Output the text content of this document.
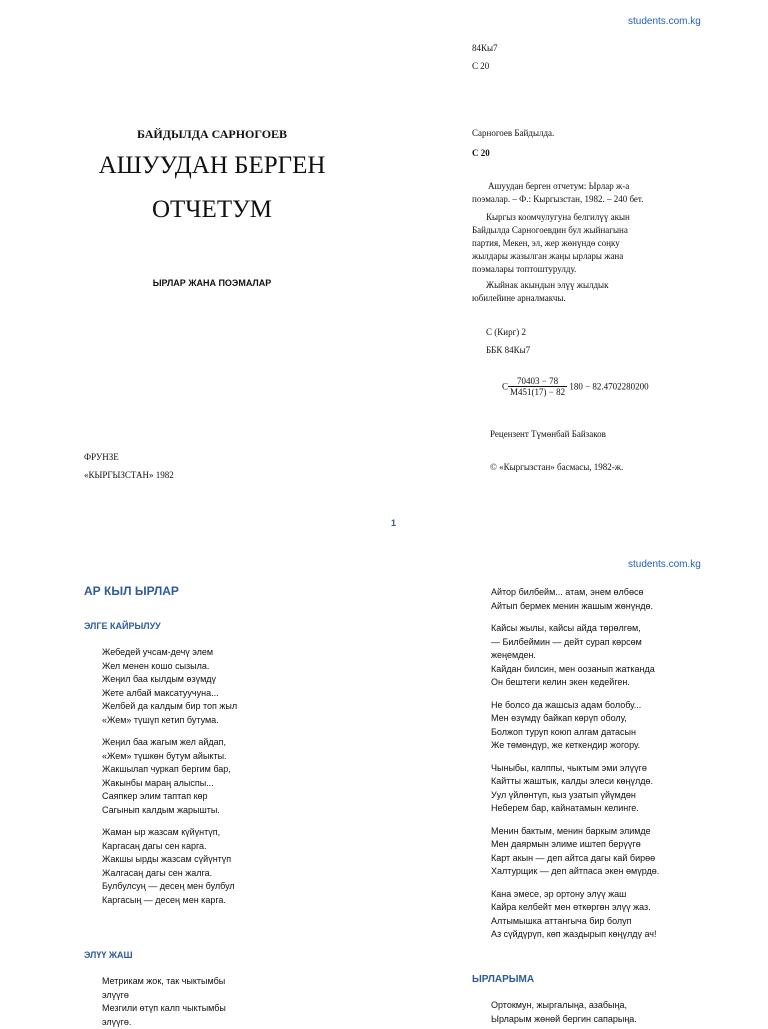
students.com.kg
БАЙДЫЛДА САРНОГОЕВ
АШУУДАН БЕРГЕН
ОТЧЕТУМ
ЫРЛАР ЖАНА ПОЭМАЛАР
ФРУНЗЕ
«КЫРГЫЗСТАН» 1982
84Кы7
С 20
Сарногоев Байдылда.
С 20
Ашуудан берген отчетум: Ырлар ж-а
поэмалар. – Ф.: Кыргызстан, 1982. – 240 бет.
Кыргыз коомчулугуна белгилүү акын
Байдылда Сарногоевдин бул жыйнагына
партия, Мекен, эл, жер жөнүндө соңку
жылдары жазылган жаңы ырлары жана
поэмалары топтоштурулду.
Жыйнак акындын элүү жылдык
юбилейине арналмакчы.
С (Кирг) 2
ББК 84Кы7
С $\frac{70403 - 78}{М451(17) - 82} 180 - 82.4702280200$
Рецензент Түмөнбай Байзаков
© «Кыргызстан» басмасы, 1982-ж.
1
students.com.kg
АР КЫЛ ЫРЛАР
ЭЛГЕ КАЙРЫЛУУ
Жебедей учсам-дечү элем
Жел менен кошо сызыла.
Жеңил баа кылдым өзүмдү
Жете албай максатуучуна...
Желбей да калдым бир топ жыл
«Жем» түшүп кетип бутума.
Жеңил баа жагым жел айдап,
«Жем» түшкөн бутум айыкты.
Жакшылап чуркап бергим бар,
Жакынбы марaң алыспы...
Саяпкер элим таптап көр
Сагынып калдым жарышты.
Жаман ыр жазсам күйүнтүп,
Каргасаң дагы сен карга.
Жакшы ырды жазсам сүйүнтүп
Жалгасаң дагы сен жалга.
Булбулсуң — десең мен булбул
Каргасың — десең мен карга.
ЭЛҮҮ ЖАШ
Метрикам жок, так чыктымбы
элүүгө
Мезгили өтүп калп чыктымбы
элүүгө.
Айтор билбейм... атам, энем өлбөсө
Айтып бермек менин жашым жөнүндө.
Кайсы жылы, кайсы айда төрөлгөм,
— Билбеймин — дейт сурап көрсөм
жеңемден.
Кайдан билсин, мен оозанып жатканда
Он бештеги келин экен кедейген.
Не болсо да жашсыз адам болобу...
Мен өзүмдү байкап көрүп оболу,
Болжоп туруп коюп алгам датасын
Же төмөндүр, же кеткендир жогору.
Чыныбы, калппы, чыктым эми элүүгө
Кайтты жаштык, калды элеси көңүлдө.
Уул үйлөнтүп, кыз узатып үйүмдөн
Неберем бар, кайнатамын келинге.
Менин бактым, менин баркым элимде
Мен даярмын элиме иштеп берүүгө
Карт акын — деп айтса дагы кай бирөө
Халтурщик — деп айтпаса экен өмүрдө.
Кана эмесе, эр ортону элүү жаш
Кайра келбейт мен өткөргөн элүү жаз.
Алтымышка аттангыча бир болуп
Аз сүйдүрүп, көп жаздырып көңүлдү ач!
ЫРЛАРЫМА
Ортокмун, жыргалыңа, азабыңа,
Ырларым жөнөй бергин сапарыңа.
